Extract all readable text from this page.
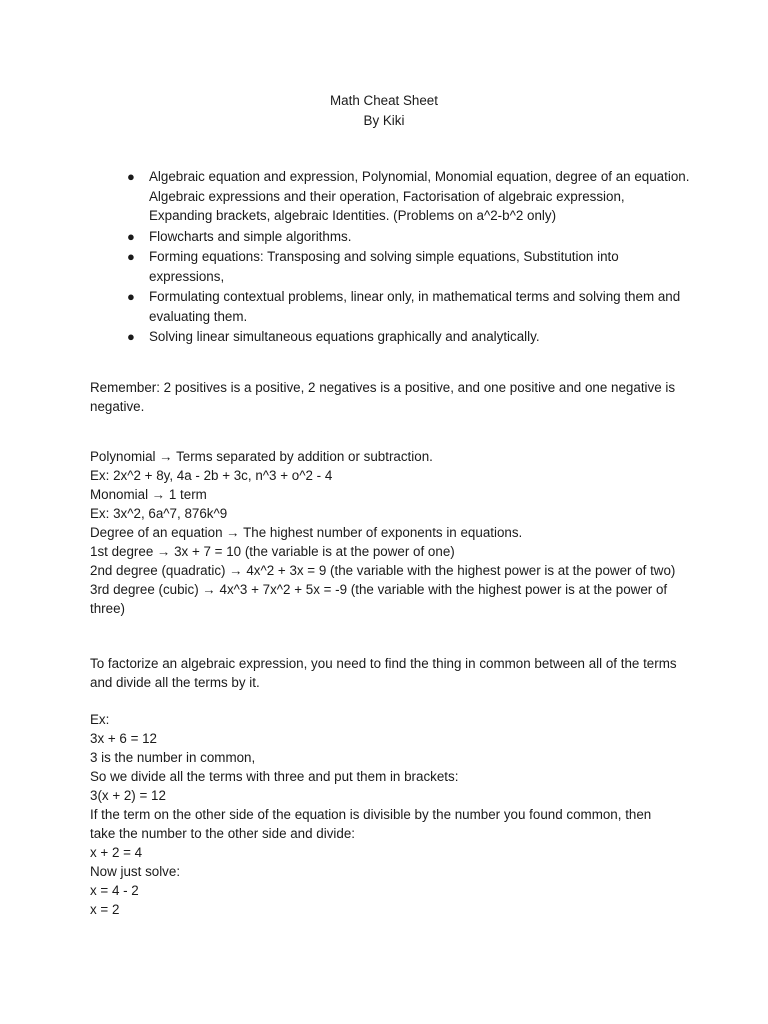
Math Cheat Sheet
By Kiki
● Algebraic equation and expression, Polynomial, Monomial equation, degree of an equation. Algebraic expressions and their operation, Factorisation of algebraic expression, Expanding brackets, algebraic Identities. (Problems on a^2-b^2 only)
● Flowcharts and simple algorithms.
● Forming equations: Transposing and solving simple equations, Substitution into expressions,
● Formulating contextual problems, linear only, in mathematical terms and solving them and evaluating them.
● Solving linear simultaneous equations graphically and analytically.
Remember: 2 positives is a positive, 2 negatives is a positive, and one positive and one negative is negative.
Polynomial → Terms separated by addition or subtraction.
Ex: 2x^2 + 8y, 4a - 2b + 3c, n^3 + o^2 - 4
Monomial → 1 term
Ex: 3x^2, 6a^7, 876k^9
Degree of an equation → The highest number of exponents in equations.
1st degree → 3x + 7 = 10 (the variable is at the power of one)
2nd degree (quadratic) → 4x^2 + 3x = 9 (the variable with the highest power is at the power of two)
3rd degree (cubic) → 4x^3 + 7x^2 + 5x = -9 (the variable with the highest power is at the power of three)
To factorize an algebraic expression, you need to find the thing in common between all of the terms and divide all the terms by it.
Ex:
3x + 6 = 12
3 is the number in common,
So we divide all the terms with three and put them in brackets:
3(x + 2) = 12
If the term on the other side of the equation is divisible by the number you found common, then take the number to the other side and divide:
x + 2 = 4
Now just solve:
x = 4 - 2
x = 2
